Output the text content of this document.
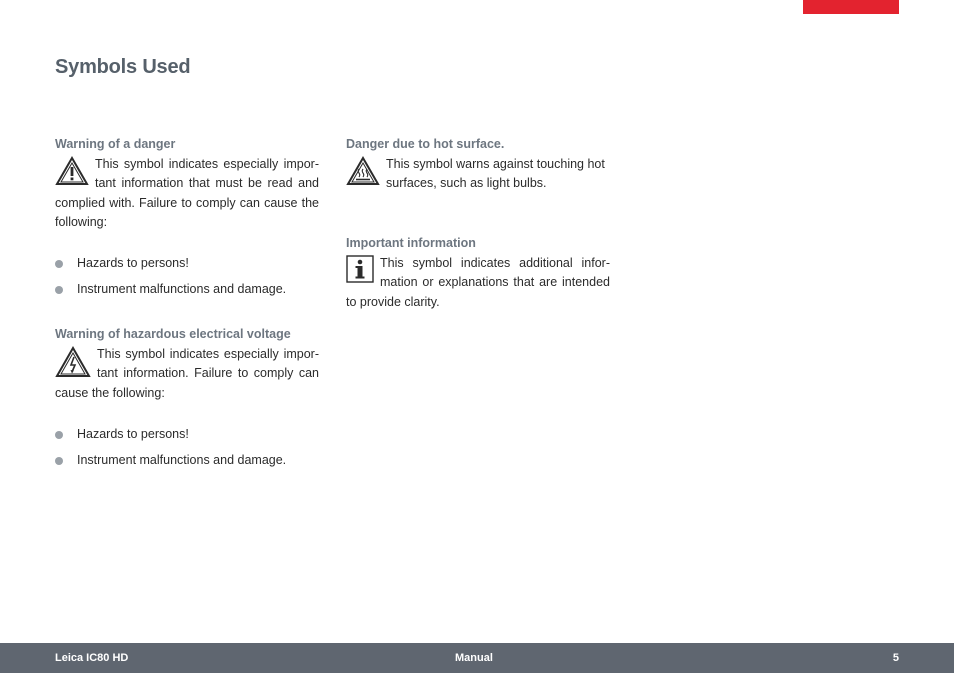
Symbols Used
Warning of a danger

This symbol indicates especially impor-tant information that must be read and complied with. Failure to comply can cause the following:

Hazards to persons!
Instrument malfunctions and damage.
Warning of hazardous electrical voltage

This symbol indicates especially impor-tant information. Failure to comply can cause the following:

Hazards to persons!
Instrument malfunctions and damage.
Danger due to hot surface.

This symbol warns against touching hot surfaces, such as light bulbs.

Important information

This symbol indicates additional infor-mation or explanations that are intended to provide clarity.

Leica IC80 HD	Manual	5
